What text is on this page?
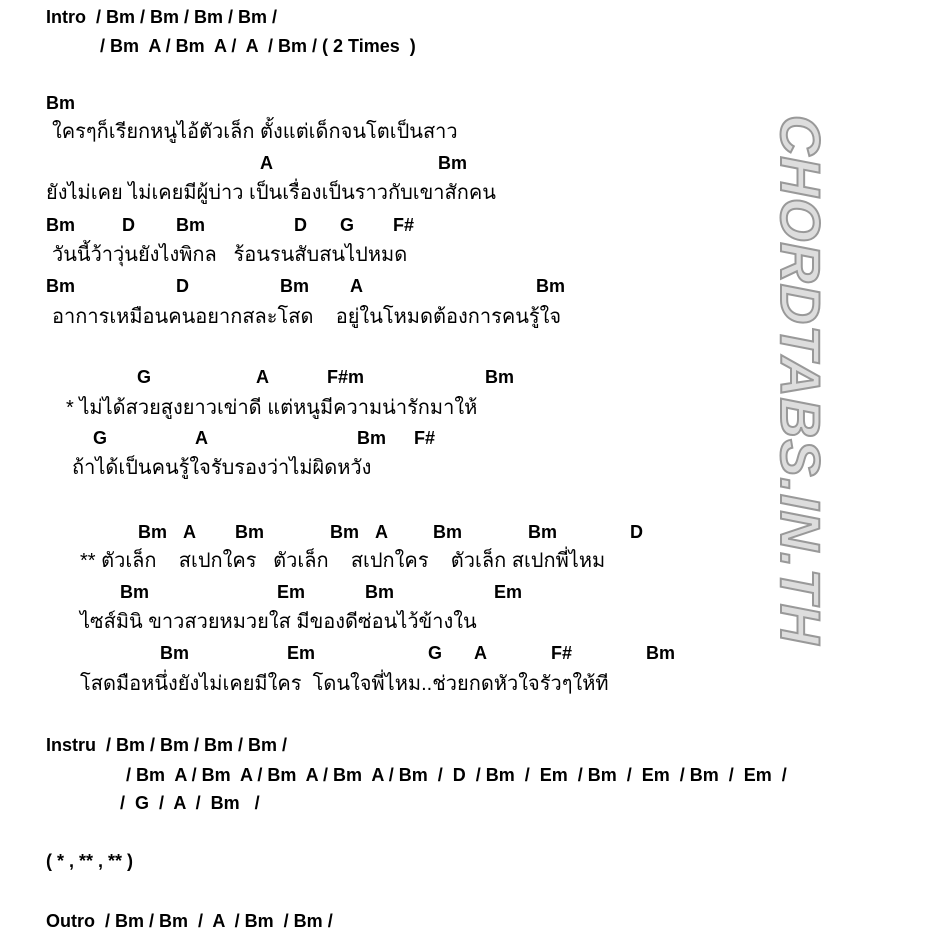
CHORDTABS.IN.TH
Intro  / Bm / Bm / Bm / Bm /
/ Bm  A / Bm  A /  A  / Bm / ( 2 Times  )
Bm
ใครๆก็เรียกหนูไอ้ตัวเล็ก ตั้งแต่เด็กจนโตเป็นสาว
A	Bm
ยังไม่เคย ไม่เคยมีผู้บ่าว เป็นเรื่องเป็นราวกับเขาสักคน
Bm	D Bm	D G F#
วันนี้ว้าวุ่นยังไงพิกล   ร้อนรนสับสนไปหมด
Bm	D	Bm A	Bm
อาการเหมือนคนอยากสละโสด    อยู่ในโหมดต้องการคนรู้ใจ
G	A	F#m	Bm
* ไม่ได้สวยสูงยาวเข่าดี แต่หนูมีความน่ารักมาให้
G	A	Bm F#
ถ้าได้เป็นคนรู้ใจรับรองว่าไม่ผิดหวัง
Bm A Bm	Bm A	Bm	Bm	D
** ตัวเล็ก    สเปกใคร   ตัวเล็ก    สเปกใคร    ตัวเล็ก สเปกพี่ไหม
Bm	Em	Bm	Em
ไซส์มินิ ขาวสวยหมวยใส มีของดีซ่อนไว้ข้างใน
Bm	Em	G A	F#	Bm
โสดมือหนึ่งยังไม่เคยมีใคร  โดนใจพี่ไหม..ช่วยกดหัวใจรัวๆให้ที
Instru  / Bm / Bm / Bm / Bm /
/ Bm  A / Bm  A / Bm  A / Bm  A / Bm  /  D  / Bm  /  Em  / Bm  /  Em  / Bm  /  Em  /
/  G  /  A  /  Bm   /
( * , ** , ** )
Outro  / Bm / Bm  /  A  / Bm  / Bm /
